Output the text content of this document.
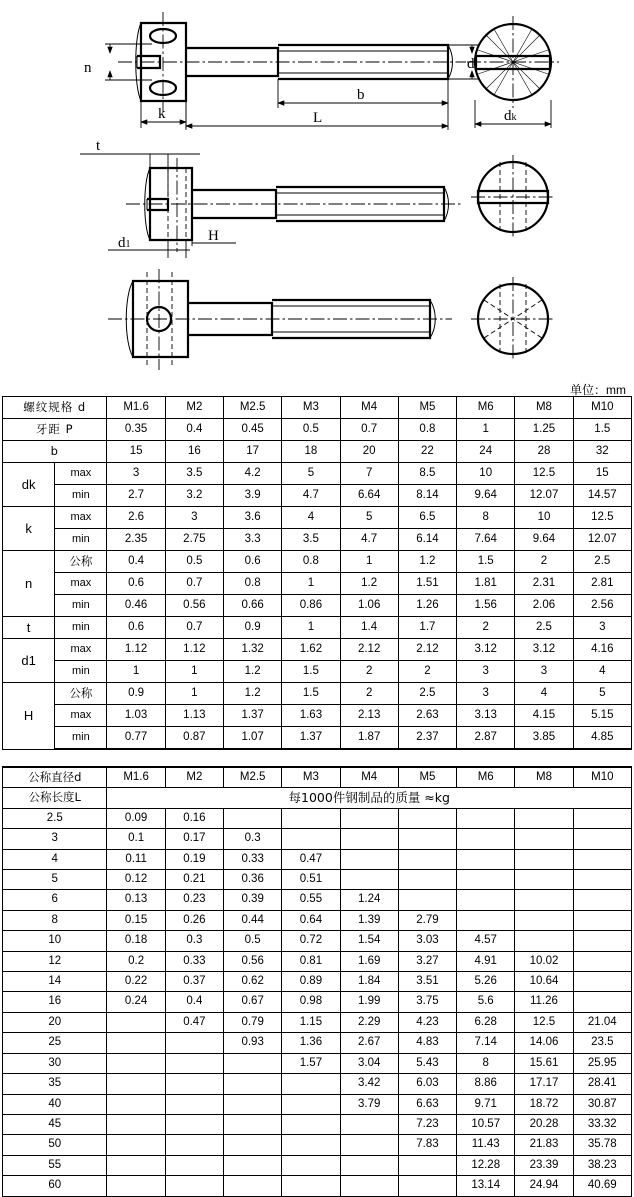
n
k
b
L
d
dk
t
d1
H
单位：mm
螺纹规格 d		M1.6	M2	M2.5	M3	M4	M5	M6	M8	M10
牙距 P		0.35	0.4	0.45	0.5	0.7	0.8	1	1.25	1.5
b		15	16	17	18	20	22	24	28	32
dk	max	3	3.5	4.2	5	7	8.5	10	12.5	15
	min	2.7	3.2	3.9	4.7	6.64	8.14	9.64	12.07	14.57
k	max	2.6	3	3.6	4	5	6.5	8	10	12.5
	min	2.35	2.75	3.3	3.5	4.7	6.14	7.64	9.64	12.07
n	公称	0.4	0.5	0.6	0.8	1	1.2	1.5	2	2.5
	max	0.6	0.7	0.8	1	1.2	1.51	1.81	2.31	2.81
	min	0.46	0.56	0.66	0.86	1.06	1.26	1.56	2.06	2.56
t	min	0.6	0.7	0.9	1	1.4	1.7	2	2.5	3
d1	max	1.12	1.12	1.32	1.62	2.12	2.12	3.12	3.12	4.16
	min	1	1	1.2	1.5	2	2	3	3	4
H	公称	0.9	1	1.2	1.5	2	2.5	3	4	5
	max	1.03	1.13	1.37	1.63	2.13	2.63	3.13	4.15	5.15
	min	0.77	0.87	1.07	1.37	1.87	2.37	2.87	3.85	4.85
公称直径d	M1.6	M2	M2.5	M3	M4	M5	M6	M8	M10
公称长度L	每1000件钢制品的质量 ≈kg								
2.5	0.09	0.16							
3	0.1	0.17	0.3						
4	0.11	0.19	0.33	0.47					
5	0.12	0.21	0.36	0.51					
6	0.13	0.23	0.39	0.55	1.24				
8	0.15	0.26	0.44	0.64	1.39	2.79			
10	0.18	0.3	0.5	0.72	1.54	3.03	4.57		
12	0.2	0.33	0.56	0.81	1.69	3.27	4.91	10.02	
14	0.22	0.37	0.62	0.89	1.84	3.51	5.26	10.64	
16	0.24	0.4	0.67	0.98	1.99	3.75	5.6	11.26	
20		0.47	0.79	1.15	2.29	4.23	6.28	12.5	21.04
25			0.93	1.36	2.67	4.83	7.14	14.06	23.5
30				1.57	3.04	5.43	8	15.61	25.95
35					3.42	6.03	8.86	17.17	28.41
40					3.79	6.63	9.71	18.72	30.87
45						7.23	10.57	20.28	33.32
50						7.83	11.43	21.83	35.78
55							12.28	23.39	38.23
60							13.14	24.94	40.69
